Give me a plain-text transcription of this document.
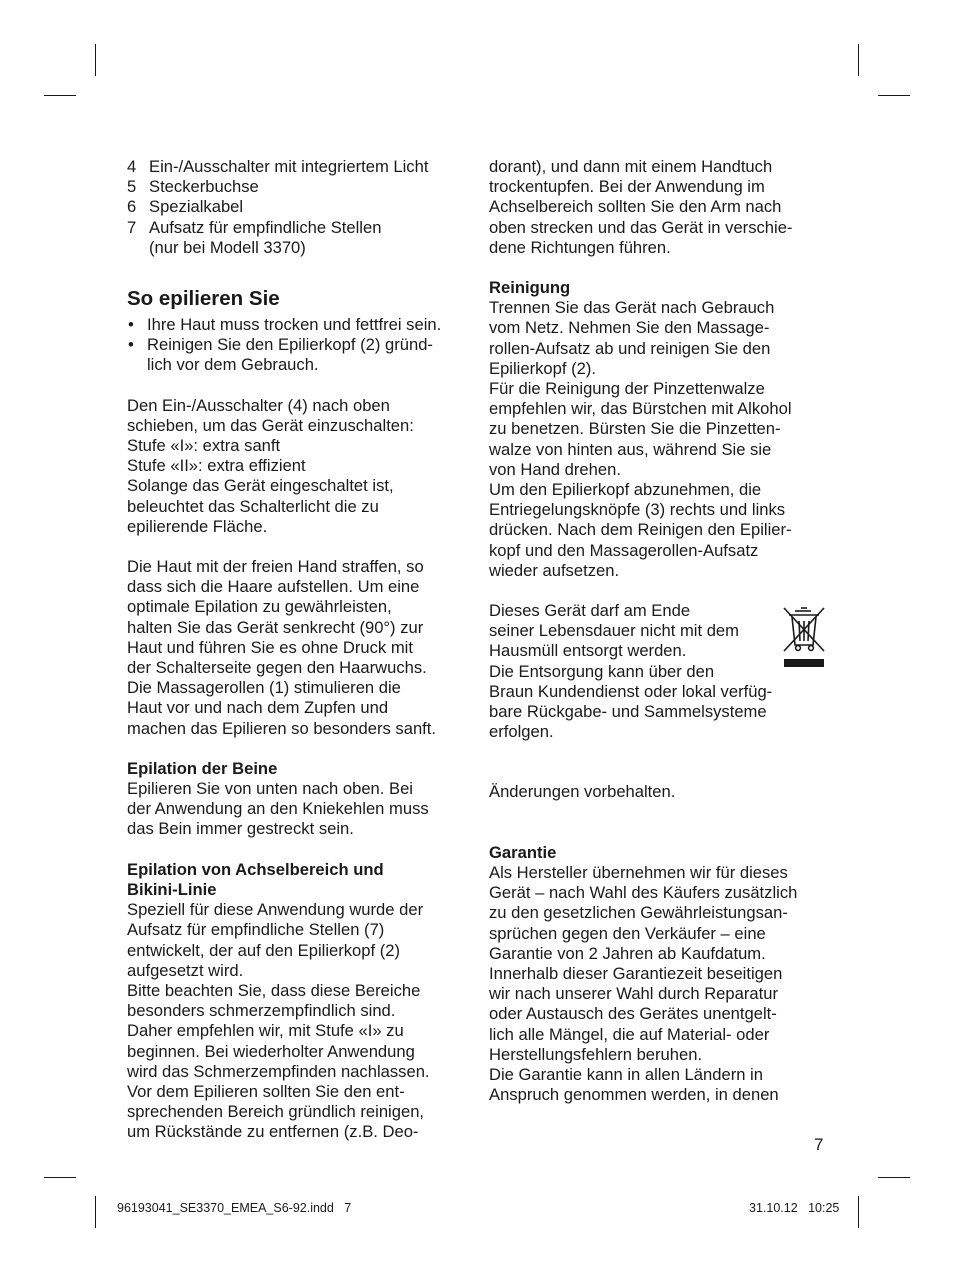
4 Ein-/Ausschalter mit integriertem Licht
5 Steckerbuchse
6 Spezialkabel
7 Aufsatz für empfindliche Stellen
(nur bei Modell 3370)
So epilieren Sie
• Ihre Haut muss trocken und fettfrei sein.
• Reinigen Sie den Epilierkopf (2) gründ-
lich vor dem Gebrauch.

Den Ein-/Ausschalter (4) nach oben
schieben, um das Gerät einzuschalten:
Stufe «I»: extra sanft
Stufe «II»: extra effizient
Solange das Gerät eingeschaltet ist,
beleuchtet das Schalterlicht die zu
epilierende Fläche.

Die Haut mit der freien Hand straffen, so
dass sich die Haare aufstellen. Um eine
optimale Epilation zu gewährleisten,
halten Sie das Gerät senkrecht (90°) zur
Haut und führen Sie es ohne Druck mit
der Schalterseite gegen den Haarwuchs.
Die Massagerollen (1) stimulieren die
Haut vor und nach dem Zupfen und
machen das Epilieren so besonders sanft.

Epilation der Beine

Epilieren Sie von unten nach oben. Bei
der Anwendung an den Kniekehlen muss
das Bein immer gestreckt sein.

Epilation von Achselbereich und
Bikini-Linie

Speziell für diese Anwendung wurde der
Aufsatz für empfindliche Stellen (7)
entwickelt, der auf den Epilierkopf (2)
aufgesetzt wird.
Bitte beachten Sie, dass diese Bereiche
besonders schmerzempfindlich sind.
Daher empfehlen wir, mit Stufe «I» zu
beginnen. Bei wiederholter Anwendung
wird das Schmerzempfinden nachlassen.
Vor dem Epilieren sollten Sie den ent-
sprechenden Bereich gründlich reinigen,
um Rückstände zu entfernen (z.B. Deo-

dorant), und dann mit einem Handtuch
trockentupfen. Bei der Anwendung im
Achselbereich sollten Sie den Arm nach
oben strecken und das Gerät in verschie-
dene Richtungen führen.

Reinigung

Trennen Sie das Gerät nach Gebrauch
vom Netz. Nehmen Sie den Massage-
rollen-Aufsatz ab und reinigen Sie den
Epilierkopf (2).
Für die Reinigung der Pinzettenwalze
empfehlen wir, das Bürstchen mit Alkohol
zu benetzen. Bürsten Sie die Pinzetten-
walze von hinten aus, während Sie sie
von Hand drehen.
Um den Epilierkopf abzunehmen, die
Entriegelungsknöpfe (3) rechts und links
drücken. Nach dem Reinigen den Epilier-
kopf und den Massagerollen-Aufsatz
wieder aufsetzen.

Dieses Gerät darf am Ende
seiner Lebensdauer nicht mit dem
Hausmüll entsorgt werden.
Die Entsorgung kann über den
Braun Kundendienst oder lokal verfüg-
bare Rückgabe- und Sammelsysteme
erfolgen.

Änderungen vorbehalten.

Garantie

Als Hersteller übernehmen wir für dieses
Gerät – nach Wahl des Käufers zusätzlich
zu den gesetzlichen Gewährleistungsan-
sprüchen gegen den Verkäufer – eine
Garantie von 2 Jahren ab Kaufdatum.
Innerhalb dieser Garantiezeit beseitigen
wir nach unserer Wahl durch Reparatur
oder Austausch des Gerätes unentgelt-
lich alle Mängel, die auf Material- oder
Herstellungsfehlern beruhen.
Die Garantie kann in allen Ländern in
Anspruch genommen werden, in denen

7
96193041_SE3370_EMEA_S6-92.indd   7	31.10.12   10:25
